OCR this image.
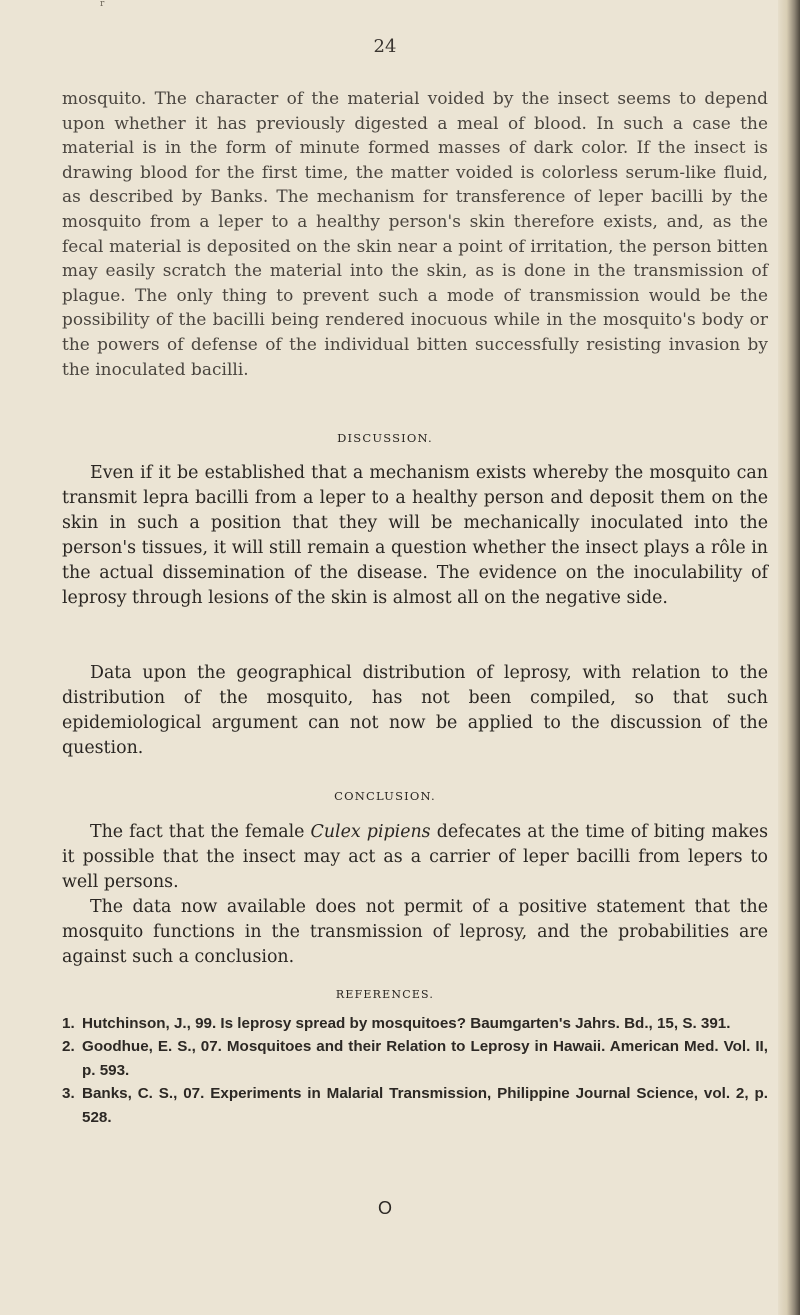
r
24

mosquito. The character of the material voided by the insect seems to depend upon whether it has previously digested a meal of blood. In such a case the material is in the form of minute formed masses of dark color. If the insect is drawing blood for the first time, the matter voided is colorless serum-like fluid, as described by Banks. The mechanism for transference of leper bacilli by the mosquito from a leper to a healthy person's skin therefore exists, and, as the fecal material is deposited on the skin near a point of irritation, the person bitten may easily scratch the material into the skin, as is done in the transmission of plague. The only thing to prevent such a mode of transmission would be the possibility of the bacilli being rendered inocuous while in the mosquito's body or the powers of defense of the individual bitten successfully resisting invasion by the inoculated bacilli.

DISCUSSION.

Even if it be established that a mechanism exists whereby the mosquito can transmit lepra bacilli from a leper to a healthy person and deposit them on the skin in such a position that they will be mechanically inoculated into the person's tissues, it will still remain a question whether the insect plays a rôle in the actual dissemination of the disease. The evidence on the inoculability of leprosy through lesions of the skin is almost all on the negative side.

Data upon the geographical distribution of leprosy, with relation to the distribution of the mosquito, has not been compiled, so that such epidemiological argument can not now be applied to the discussion of the question.

CONCLUSION.

The fact that the female Culex pipiens defecates at the time of biting makes it possible that the insect may act as a carrier of leper bacilli from lepers to well persons.

The data now available does not permit of a positive statement that the mosquito functions in the transmission of leprosy, and the probabilities are against such a conclusion.

REFERENCES.
1. Hutchinson, J., 99. Is leprosy spread by mosquitoes? Baumgarten's Jahrs. Bd., 15, S. 391.
2. Goodhue, E. S., 07. Mosquitoes and their Relation to Leprosy in Hawaii. American Med. Vol. II, p. 593.
3. Banks, C. S., 07. Experiments in Malarial Transmission, Philippine Journal Science, vol. 2, p. 528.
O
